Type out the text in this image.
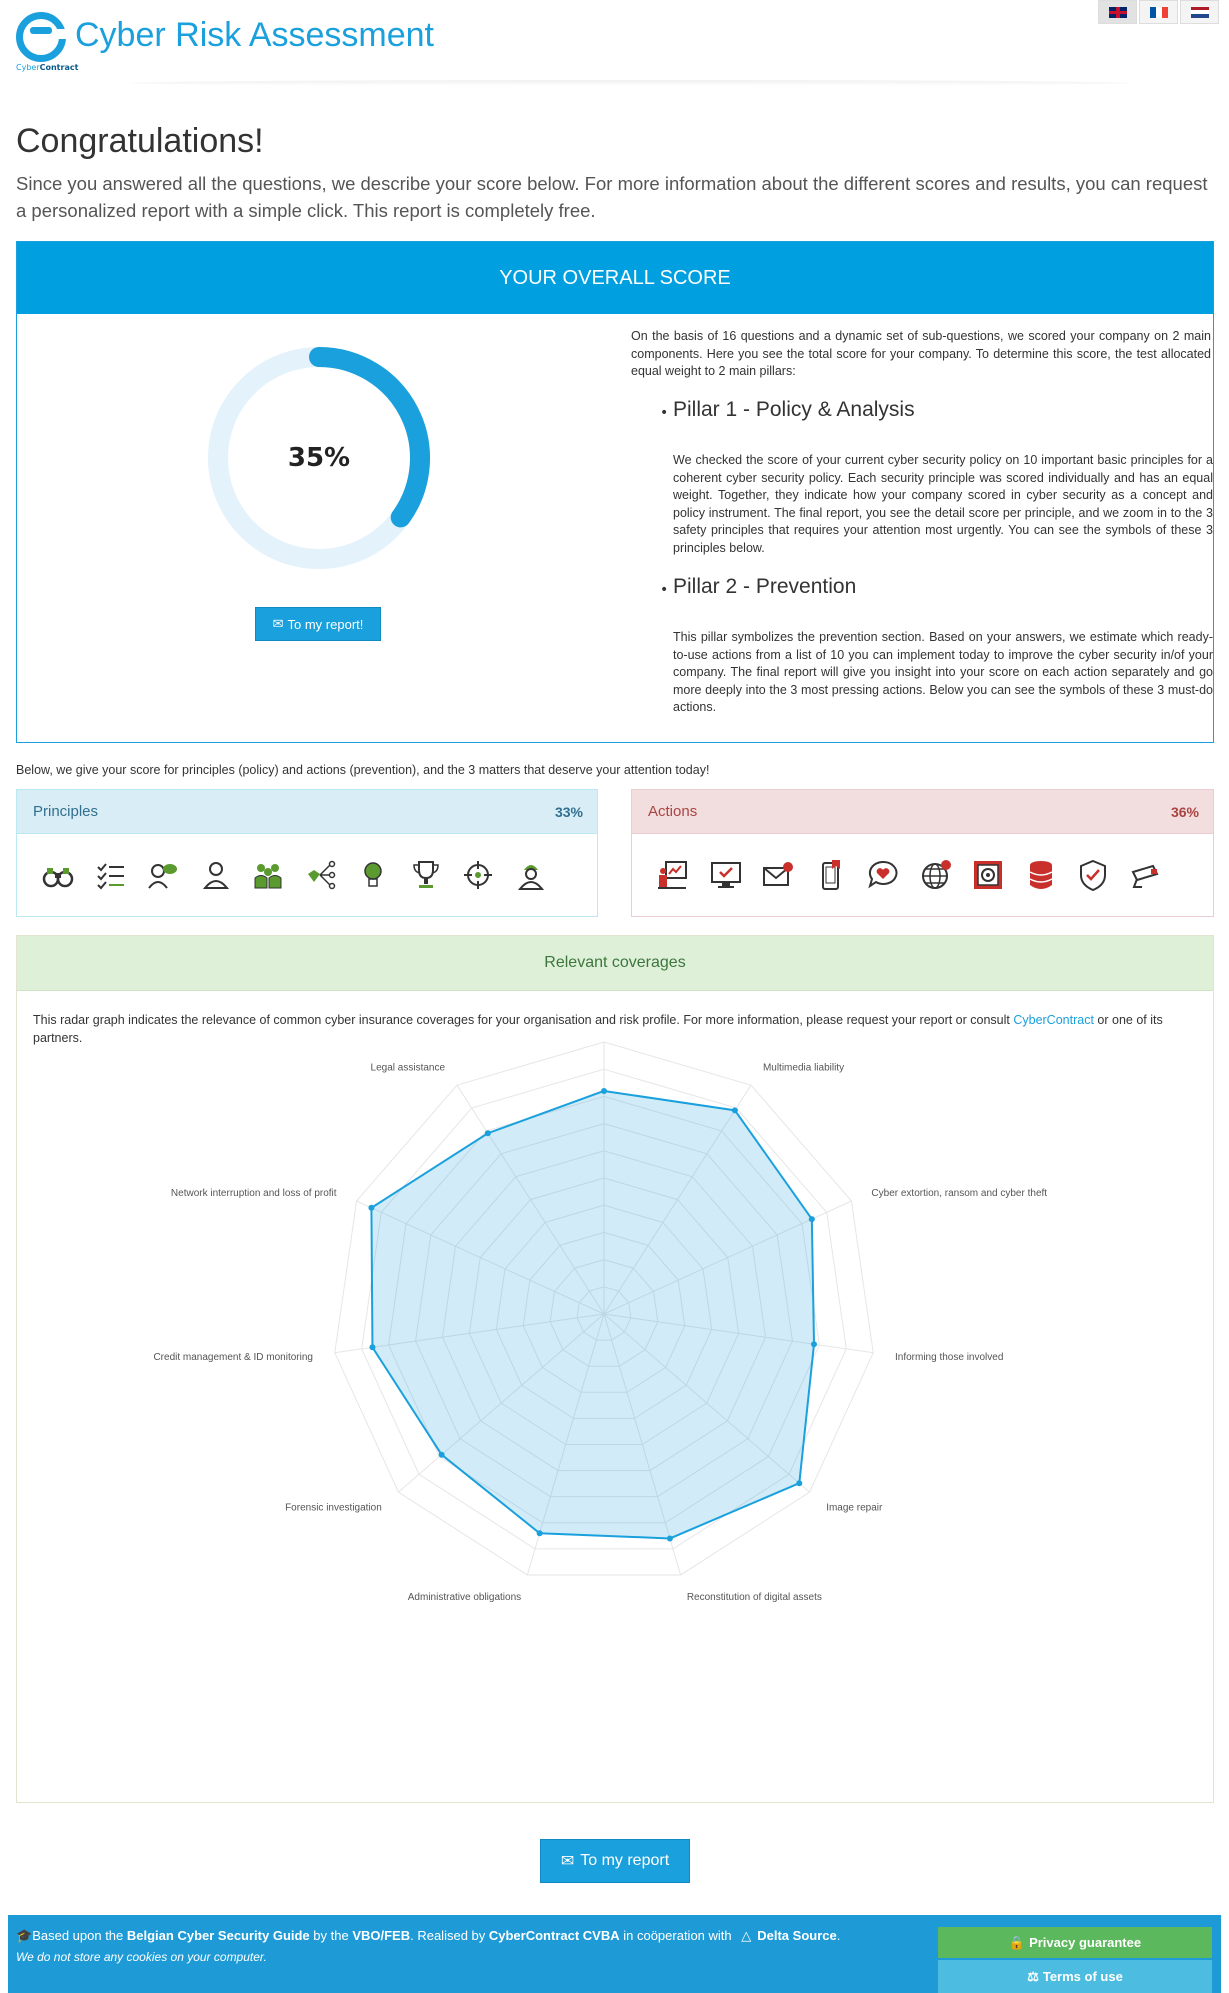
CyberContract
Cyber Risk Assessment
Congratulations!
Since you answered all the questions, we describe your score below. For more information about the different scores and results, you can request a personalized report with a simple click. This report is completely free.
YOUR OVERALL SCORE
35%
✉ To my report!
On the basis of 16 questions and a dynamic set of sub-questions, we scored your company on 2 main components. Here you see the total score for your company. To determine this score, the test allocated equal weight to 2 main pillars:
• Pillar 1 - Policy & Analysis
We checked the score of your current cyber security policy on 10 important basic principles for a coherent cyber security policy. Each security principle was scored individually and has an equal weight. Together, they indicate how your company scored in cyber security as a concept and policy instrument. The final report, you see the detail score per principle, and we zoom in to the 3 safety principles that requires your attention most urgently. You can see the symbols of these 3 principles below.
• Pillar 2 - Prevention
This pillar symbolizes the prevention section. Based on your answers, we estimate which ready-to-use actions from a list of 10 you can implement today to improve the cyber security in/of your company. The final report will give you insight into your score on each action separately and go more deeply into the 3 most pressing actions. Below you can see the symbols of these 3 must-do actions.
Below, we give your score for principles (policy) and actions (prevention), and the 3 matters that deserve your attention today!
Principles	33%	Actions	36%
Relevant coverages
This radar graph indicates the relevance of common cyber insurance coverages for your organisation and risk profile. For more information, please request your report or consult CyberContract or one of its partners.
Multimedia liability
Cyber extortion, ransom and cyber theft
Informing those involved
Image repair
Reconstitution of digital assets
Administrative obligations
Forensic investigation
Credit management & ID monitoring
Network interruption and loss of profit
Legal assistance
✉ To my report
🎓Based upon the Belgian Cyber Security Guide by the VBO/FEB. Realised by CyberContract CVBA in coöperation with △ Delta Source.
We do not store any cookies on your computer.
🔒 Privacy guarantee
⚖ Terms of use
